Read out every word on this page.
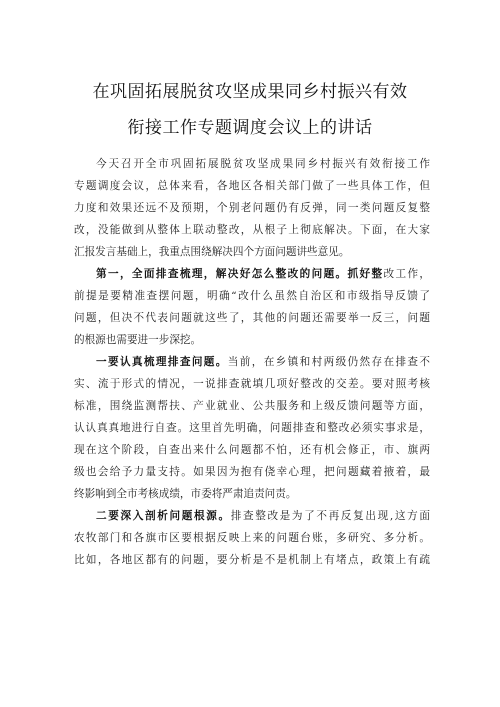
在巩固拓展脱贫攻坚成果同乡村振兴有效
衔接工作专题调度会议上的讲话
今天召开全市巩固拓展脱贫攻坚成果同乡村振兴有效衔接工作
专题调度会议，总体来看，各地区各相关部门做了一些具体工作，但
力度和效果还远不及预期，个别老问题仍有反弹，同一类问题反复整
改，没能做到从整体上联动整改，从根子上彻底解决。下面，在大家
汇报发言基础上，我重点围绕解决四个方面问题讲些意见。
第一，全面排查梳理，解决好怎么整改的问题。抓好整改工作，
前提是要精准查摆问题，明确“改什么虽然自治区和市级指导反馈了
问题，但决不代表问题就这些了，其他的问题还需要举一反三，问题
的根源也需要进一步深挖。
一要认真梳理排查问题。当前，在乡镇和村两级仍然存在排查不
实、流于形式的情况，一说排查就填几项好整改的交差。要对照考核
标准，围绕监测帮扶、产业就业、公共服务和上级反馈问题等方面，
认认真真地进行自查。这里首先明确，问题排查和整改必须实事求是，
现在这个阶段，自查出来什么问题都不怕，还有机会修正，市、旗两
级也会给予力量支持。如果因为抱有侥幸心理，把问题藏着掖着，最
终影响到全市考核成绩，市委将严肃追责问责。
二要深入剖析问题根源。排查整改是为了不再反复出现,这方面
农牧部门和各旗市区要根据反映上来的问题台账，多研究、多分析。
比如，各地区都有的问题，要分析是不是机制上有堵点，政策上有疏
